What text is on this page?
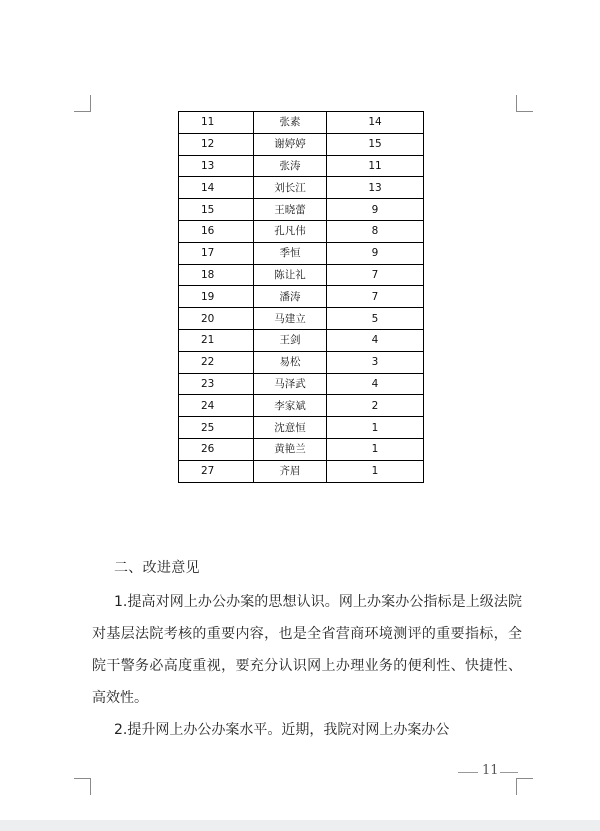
11	张素	14
12	谢婷婷	15
13	张涛	11
14	刘长江	13
15	王晓蕾	9
16	孔凡伟	8
17	季恒	9
18	陈让礼	7
19	潘涛	7
20	马建立	5
21	王剑	4
22	易松	3
23	马泽武	4
24	李家斌	2
25	沈意恒	1
26	黄艳兰	1
27	齐眉	1
二、改进意见

1.提高对网上办公办案的思想认识。网上办案办公指标是上级法院对基层法院考核的重要内容，也是全省营商环境测评的重要指标，全院干警务必高度重视，要充分认识网上办理业务的便利性、快捷性、高效性。

2.提升网上办公办案水平。近期，我院对网上办案办公

11
